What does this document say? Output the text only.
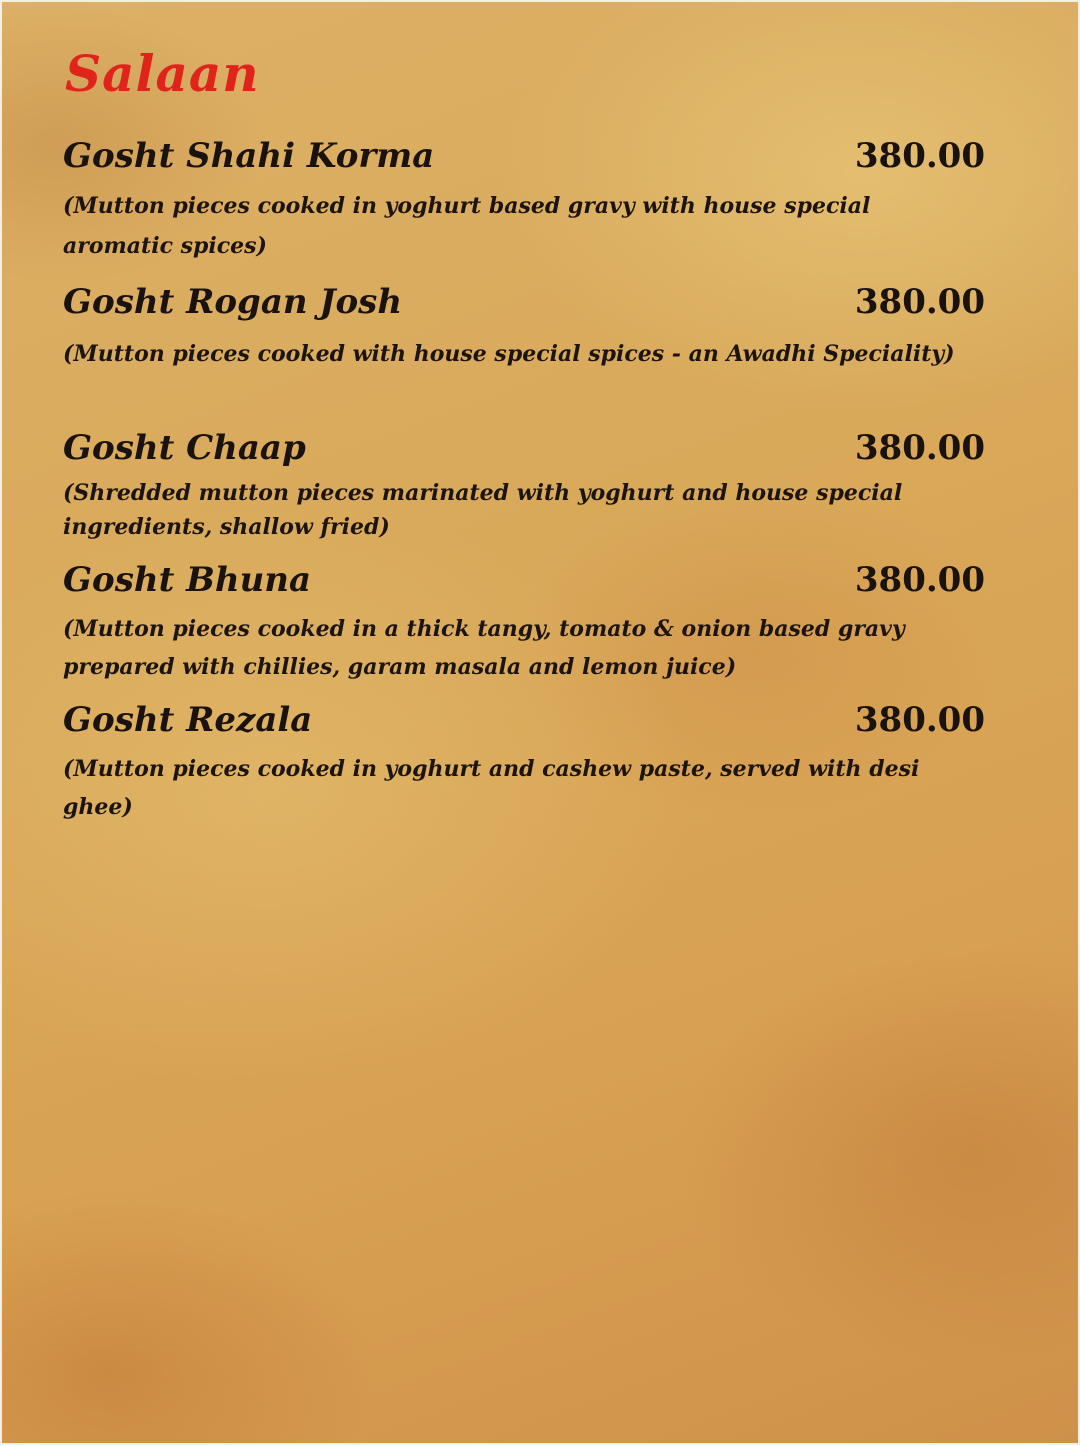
Salaan
Gosht Shahi Korma	380.00

(Mutton pieces cooked in yoghurt based gravy with house special aromatic spices)

Gosht Rogan Josh	380.00

(Mutton pieces cooked with house special spices - an Awadhi Speciality)

Gosht Chaap	380.00

(Shredded mutton pieces marinated with yoghurt and house special ingredients, shallow fried)

Gosht Bhuna	380.00

(Mutton pieces cooked in a thick tangy, tomato & onion based gravy prepared with chillies, garam masala and lemon juice)

Gosht Rezala	380.00

(Mutton pieces cooked in yoghurt and cashew paste, served with desi ghee)
